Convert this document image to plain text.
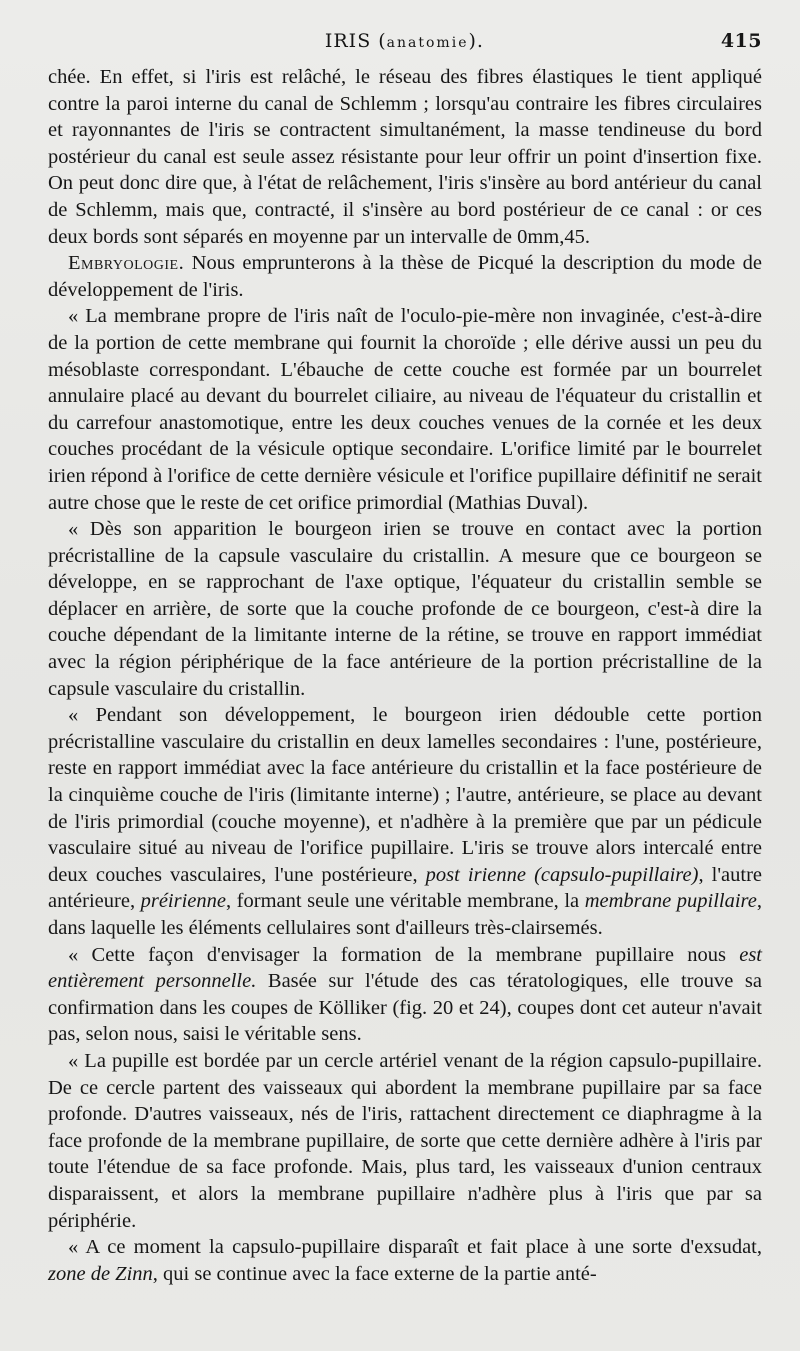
IRIS (anatomie).	415

chée. En effet, si l'iris est relâché, le réseau des fibres élastiques le tient appliqué contre la paroi interne du canal de Schlemm ; lorsqu'au contraire les fibres circulaires et rayonnantes de l'iris se contractent simultanément, la masse tendineuse du bord postérieur du canal est seule assez résistante pour leur offrir un point d'insertion fixe. On peut donc dire que, à l'état de relâchement, l'iris s'insère au bord antérieur du canal de Schlemm, mais que, contracté, il s'insère au bord postérieur de ce canal : or ces deux bords sont séparés en moyenne par un intervalle de 0mm,45.

Embryologie. Nous emprunterons à la thèse de Picqué la description du mode de développement de l'iris.

« La membrane propre de l'iris naît de l'oculo-pie-mère non invaginée, c'est-à-dire de la portion de cette membrane qui fournit la choroïde ; elle dérive aussi un peu du mésoblaste correspondant. L'ébauche de cette couche est formée par un bourrelet annulaire placé au devant du bourrelet ciliaire, au niveau de l'équateur du cristallin et du carrefour anastomotique, entre les deux couches venues de la cornée et les deux couches procédant de la vésicule optique secondaire. L'orifice limité par le bourrelet irien répond à l'orifice de cette dernière vésicule et l'orifice pupillaire définitif ne serait autre chose que le reste de cet orifice primordial (Mathias Duval).

« Dès son apparition le bourgeon irien se trouve en contact avec la portion précristalline de la capsule vasculaire du cristallin. A mesure que ce bourgeon se développe, en se rapprochant de l'axe optique, l'équateur du cristallin semble se déplacer en arrière, de sorte que la couche profonde de ce bourgeon, c'est-à dire la couche dépendant de la limitante interne de la rétine, se trouve en rapport immédiat avec la région périphérique de la face antérieure de la portion précristalline de la capsule vasculaire du cristallin.

« Pendant son développement, le bourgeon irien dédouble cette portion précristalline vasculaire du cristallin en deux lamelles secondaires : l'une, postérieure, reste en rapport immédiat avec la face antérieure du cristallin et la face postérieure de la cinquième couche de l'iris (limitante interne) ; l'autre, antérieure, se place au devant de l'iris primordial (couche moyenne), et n'adhère à la première que par un pédicule vasculaire situé au niveau de l'orifice pupillaire. L'iris se trouve alors intercalé entre deux couches vasculaires, l'une postérieure, post irienne (capsulo-pupillaire), l'autre antérieure, préirienne, formant seule une véritable membrane, la membrane pupillaire, dans laquelle les éléments cellulaires sont d'ailleurs très-clairsemés.

« Cette façon d'envisager la formation de la membrane pupillaire nous est entièrement personnelle. Basée sur l'étude des cas tératologiques, elle trouve sa confirmation dans les coupes de Kölliker (fig. 20 et 24), coupes dont cet auteur n'avait pas, selon nous, saisi le véritable sens.

« La pupille est bordée par un cercle artériel venant de la région capsulo-pupillaire. De ce cercle partent des vaisseaux qui abordent la membrane pupillaire par sa face profonde. D'autres vaisseaux, nés de l'iris, rattachent directement ce diaphragme à la face profonde de la membrane pupillaire, de sorte que cette dernière adhère à l'iris par toute l'étendue de sa face profonde. Mais, plus tard, les vaisseaux d'union centraux disparaissent, et alors la membrane pupillaire n'adhère plus à l'iris que par sa périphérie.

« A ce moment la capsulo-pupillaire disparaît et fait place à une sorte d'exsudat, zone de Zinn, qui se continue avec la face externe de la partie anté-
